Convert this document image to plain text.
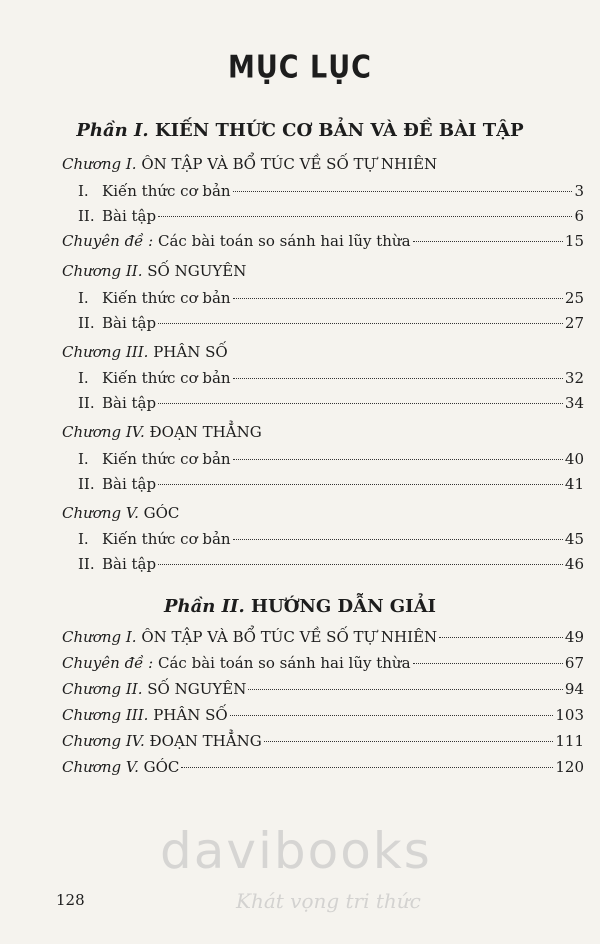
MỤC LỤC
Phần I. KIẾN THỨC CƠ BẢN VÀ ĐỀ BÀI TẬP
Chương I. ÔN TẬP VÀ BỔ TÚC VỀ SỐ TỰ NHIÊN
I. Kiến thức cơ bản	3
II. Bài tập	6
Chuyên đề : Các bài toán so sánh hai lũy thừa	15
Chương II. SỐ NGUYÊN
I. Kiến thức cơ bản	25
II. Bài tập	27
Chương III. PHÂN SỐ
I. Kiến thức cơ bản	32
II. Bài tập	34
Chương IV. ĐOẠN THẲNG
I. Kiến thức cơ bản	40
II. Bài tập	41
Chương V. GÓC
I. Kiến thức cơ bản	45
II. Bài tập	46
Phần II. HƯỚNG DẪN GIẢI
Chương I. ÔN TẬP VÀ BỔ TÚC VỀ SỐ TỰ NHIÊN	49
Chuyên đề : Các bài toán so sánh hai lũy thừa	67
Chương II. SỐ NGUYÊN	94
Chương III. PHÂN SỐ	103
Chương IV. ĐOẠN THẲNG	111
Chương V. GÓC	120
davibooks
Khát vọng tri thức
128
